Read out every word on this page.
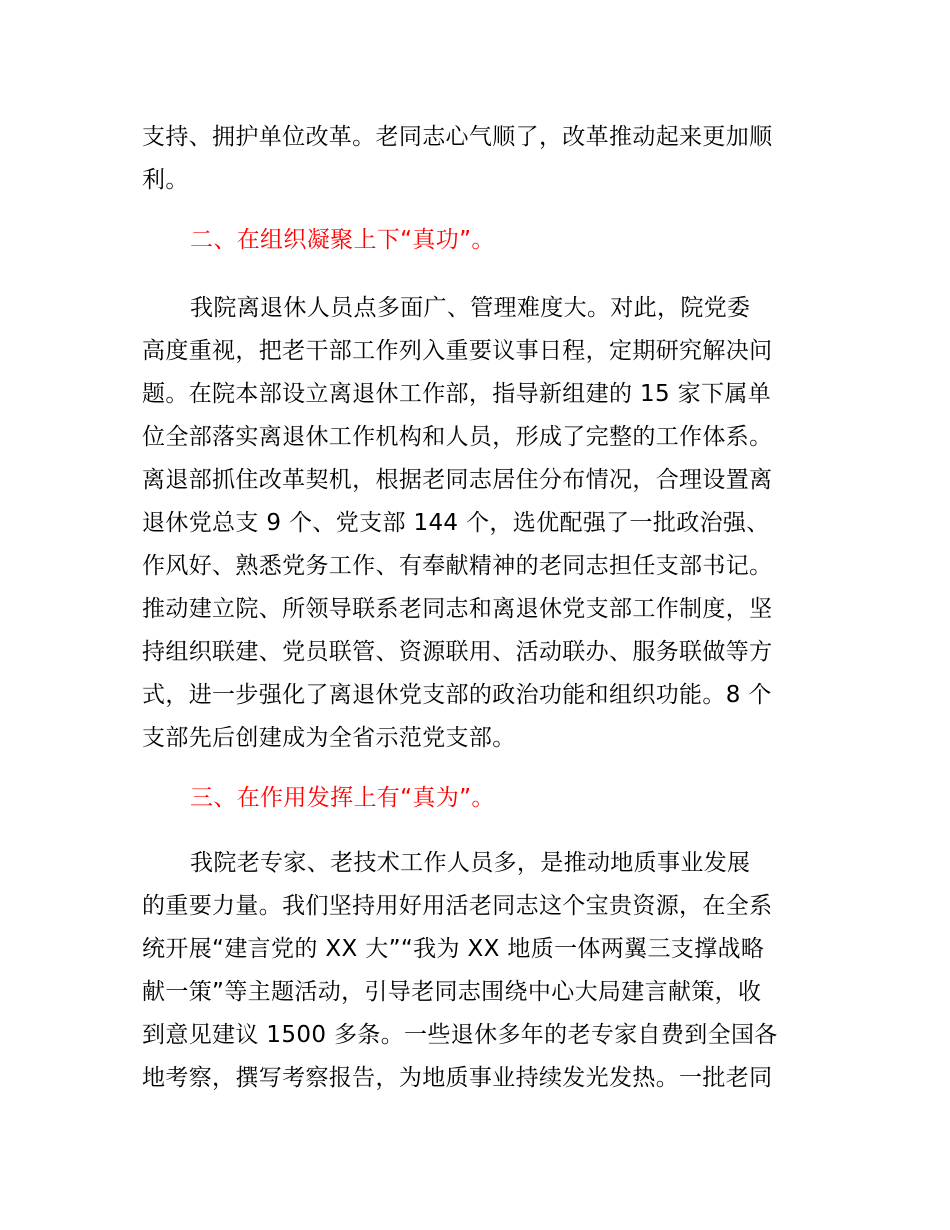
支持、拥护单位改革。老同志心气顺了，改革推动起来更加顺
利。
二、在组织凝聚上下“真功”。
我院离退休人员点多面广、管理难度大。对此，院党委
高度重视，把老干部工作列入重要议事日程，定期研究解决问
题。在院本部设立离退休工作部，指导新组建的 15 家下属单
位全部落实离退休工作机构和人员，形成了完整的工作体系。
离退部抓住改革契机，根据老同志居住分布情况，合理设置离
退休党总支 9 个、党支部 144 个，选优配强了一批政治强、
作风好、熟悉党务工作、有奉献精神的老同志担任支部书记。
推动建立院、所领导联系老同志和离退休党支部工作制度，坚
持组织联建、党员联管、资源联用、活动联办、服务联做等方
式，进一步强化了离退休党支部的政治功能和组织功能。8 个
支部先后创建成为全省示范党支部。
三、在作用发挥上有“真为”。
我院老专家、老技术工作人员多，是推动地质事业发展
的重要力量。我们坚持用好用活老同志这个宝贵资源，在全系
统开展“建言党的 XX 大”“我为 XX 地质一体两翼三支撑战略
献一策”等主题活动，引导老同志围绕中心大局建言献策，收
到意见建议 1500 多条。一些退休多年的老专家自费到全国各
地考察，撰写考察报告，为地质事业持续发光发热。一批老同
